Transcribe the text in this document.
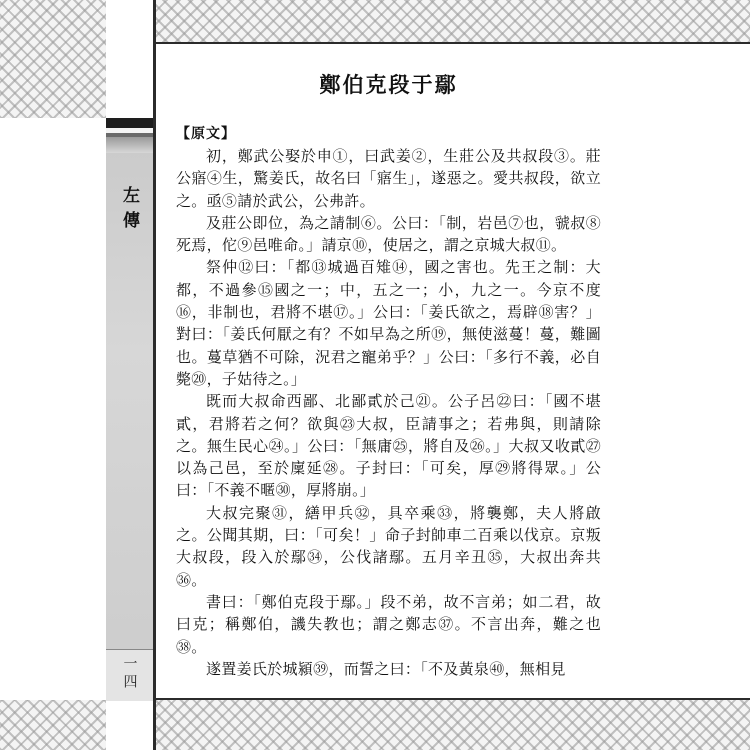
左傳
一四
鄭伯克段于鄢
【原文】

初，鄭武公娶於申①，曰武姜②，生莊公及共叔段③。莊公寤④生，驚姜氏，故名曰「寤生」，遂惡之。愛共叔段，欲立之。亟⑤請於武公，公弗許。

及莊公即位，為之請制⑥。公曰：「制，岩邑⑦也，虢叔⑧死焉，佗⑨邑唯命。」請京⑩，使居之，謂之京城大叔⑪。

祭仲⑫曰：「都⑬城過百雉⑭，國之害也。先王之制：大都，不過參⑮國之一；中，五之一；小，九之一。今京不度⑯，非制也，君將不堪⑰。」公曰：「姜氏欲之，焉辟⑱害？」對曰：「姜氏何厭之有？不如早為之所⑲，無使滋蔓！蔓，難圖也。蔓草猶不可除，況君之寵弟乎？」公曰：「多行不義，必自斃⑳，子姑待之。」

既而大叔命西鄙、北鄙貳於己㉑。公子呂㉒曰：「國不堪貳，君將若之何？欲與㉓大叔，臣請事之；若弗與，則請除之。無生民心㉔。」公曰：「無庸㉕，將自及㉖。」大叔又收貳㉗以為己邑，至於廩延㉘。子封曰：「可矣，厚㉙將得眾。」公曰：「不義不暱㉚，厚將崩。」

大叔完聚㉛，繕甲兵㉜，具卒乘㉝，將襲鄭，夫人將啟之。公聞其期，曰：「可矣！」命子封帥車二百乘以伐京。京叛大叔段，段入於鄢㉞，公伐諸鄢。五月辛丑㉟，大叔出奔共㊱。

書曰：「鄭伯克段于鄢。」段不弟，故不言弟；如二君，故曰克；稱鄭伯，譏失教也；謂之鄭志㊲。不言出奔，難之也㊳。

遂置姜氏於城潁㊴，而誓之曰：「不及黃泉㊵，無相見
